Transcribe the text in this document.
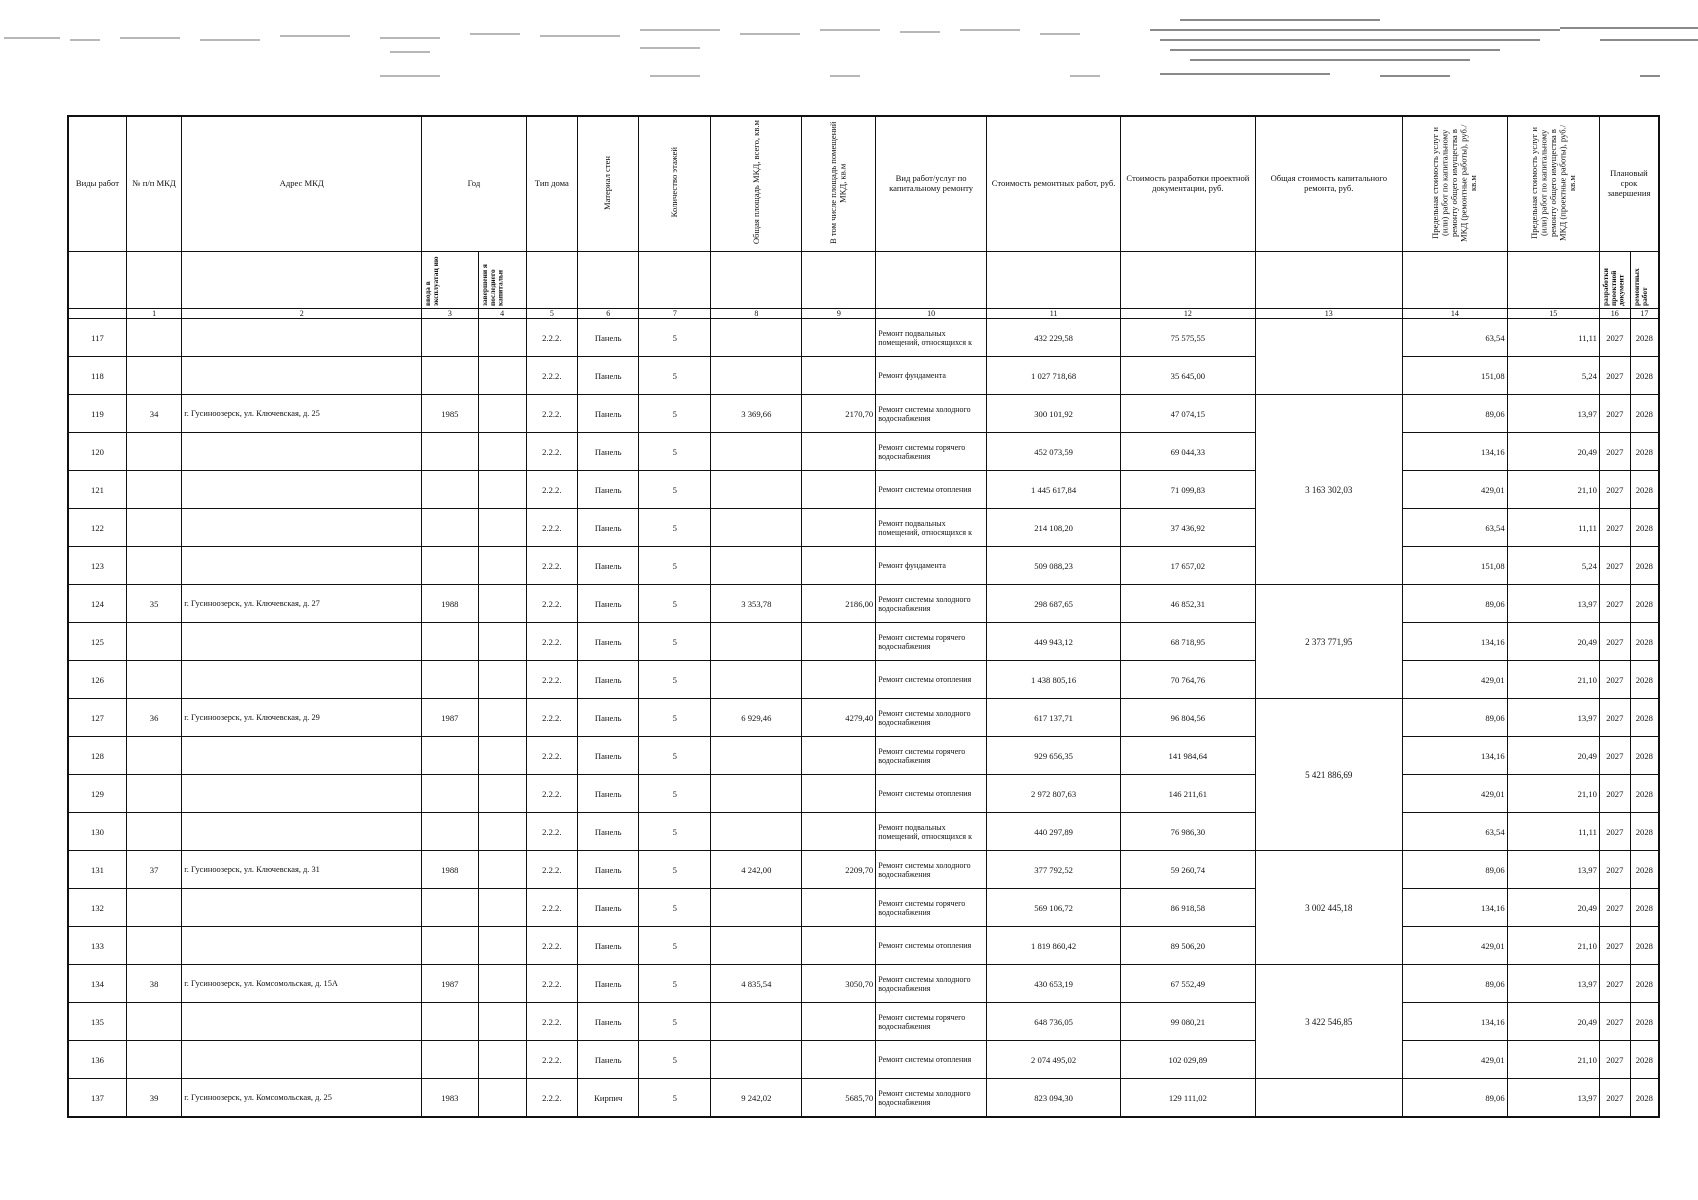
Виды работ	№ п/п МКД	Адрес МКД	Год		Тип дома	Материал стен	Количество этажей	Общая площадь МКД, всего, кв.м	В том числе площадь помещений МКД, кв.м	Вид работ/услуг по капитальному ремонту	Стоимость ремонтных работ, руб.	Стоимость разработки проектной документации, руб.	Общая стоимость капитального ремонта, руб.	Предельная стоимость услуг и (или) работ по капитальному ремонту общего имущества в МКД (ремонтные работы), руб./кв.м	Предельная стоимость услуг и (или) работ по капитальному ремонту общего имущества в МКД (проектные работы), руб./кв.м	Плановый срок завершения	
			ввода в эксплуатац ию	завершени я последнего капитальн												разработки проектной документ	ремонтных работ
	1	2	3	4	5	6	7	8	9	10	11	12	13	14	15	16	17
117					2.2.2.	Панель	5			Ремонт подвальных помещений, относящихся к	432 229,58	75 575,55		63,54	11,11	2027	2028
118					2.2.2.	Панель	5			Ремонт фундамента	1 027 718,68	35 645,00		151,08	5,24	2027	2028
119	34	г. Гусиноозерск, ул. Ключевская, д. 25	1985		2.2.2.	Панель	5	3 369,66	2170,70	Ремонт системы холодного водоснабжения	300 101,92	47 074,15	3 163 302,03	89,06	13,97	2027	2028
120					2.2.2.	Панель	5			Ремонт системы горячего водоснабжения	452 073,59	69 044,33		134,16	20,49	2027	2028
121					2.2.2.	Панель	5			Ремонт системы отопления	1 445 617,84	71 099,83		429,01	21,10	2027	2028
122					2.2.2.	Панель	5			Ремонт подвальных помещений, относящихся к	214 108,20	37 436,92		63,54	11,11	2027	2028
123					2.2.2.	Панель	5			Ремонт фундамента	509 088,23	17 657,02		151,08	5,24	2027	2028
124	35	г. Гусиноозерск, ул. Ключевская, д. 27	1988		2.2.2.	Панель	5	3 353,78	2186,00	Ремонт системы холодного водоснабжения	298 687,65	46 852,31	2 373 771,95	89,06	13,97	2027	2028
125					2.2.2.	Панель	5			Ремонт системы горячего водоснабжения	449 943,12	68 718,95		134,16	20,49	2027	2028
126					2.2.2.	Панель	5			Ремонт системы отопления	1 438 805,16	70 764,76		429,01	21,10	2027	2028
127	36	г. Гусиноозерск, ул. Ключевская, д. 29	1987		2.2.2.	Панель	5	6 929,46	4279,40	Ремонт системы холодного водоснабжения	617 137,71	96 804,56	5 421 886,69	89,06	13,97	2027	2028
128					2.2.2.	Панель	5			Ремонт системы горячего водоснабжения	929 656,35	141 984,64		134,16	20,49	2027	2028
129					2.2.2.	Панель	5			Ремонт системы отопления	2 972 807,63	146 211,61		429,01	21,10	2027	2028
130					2.2.2.	Панель	5			Ремонт подвальных помещений, относящихся к	440 297,89	76 986,30		63,54	11,11	2027	2028
131	37	г. Гусиноозерск, ул. Ключевская, д. 31	1988		2.2.2.	Панель	5	4 242,00	2209,70	Ремонт системы холодного водоснабжения	377 792,52	59 260,74	3 002 445,18	89,06	13,97	2027	2028
132					2.2.2.	Панель	5			Ремонт системы горячего водоснабжения	569 106,72	86 918,58		134,16	20,49	2027	2028
133					2.2.2.	Панель	5			Ремонт системы отопления	1 819 860,42	89 506,20		429,01	21,10	2027	2028
134	38	г. Гусиноозерск, ул. Комсомольская, д. 15А	1987		2.2.2.	Панель	5	4 835,54	3050,70	Ремонт системы холодного водоснабжения	430 653,19	67 552,49	3 422 546,85	89,06	13,97	2027	2028
135					2.2.2.	Панель	5			Ремонт системы горячего водоснабжения	648 736,05	99 080,21		134,16	20,49	2027	2028
136					2.2.2.	Панель	5			Ремонт системы отопления	2 074 495,02	102 029,89		429,01	21,10	2027	2028
137	39	г. Гусиноозерск, ул. Комсомольская, д. 25	1983		2.2.2.	Кирпич	5	9 242,02	5685,70	Ремонт системы холодного водоснабжения	823 094,30	129 111,02		89,06	13,97	2027	2028
